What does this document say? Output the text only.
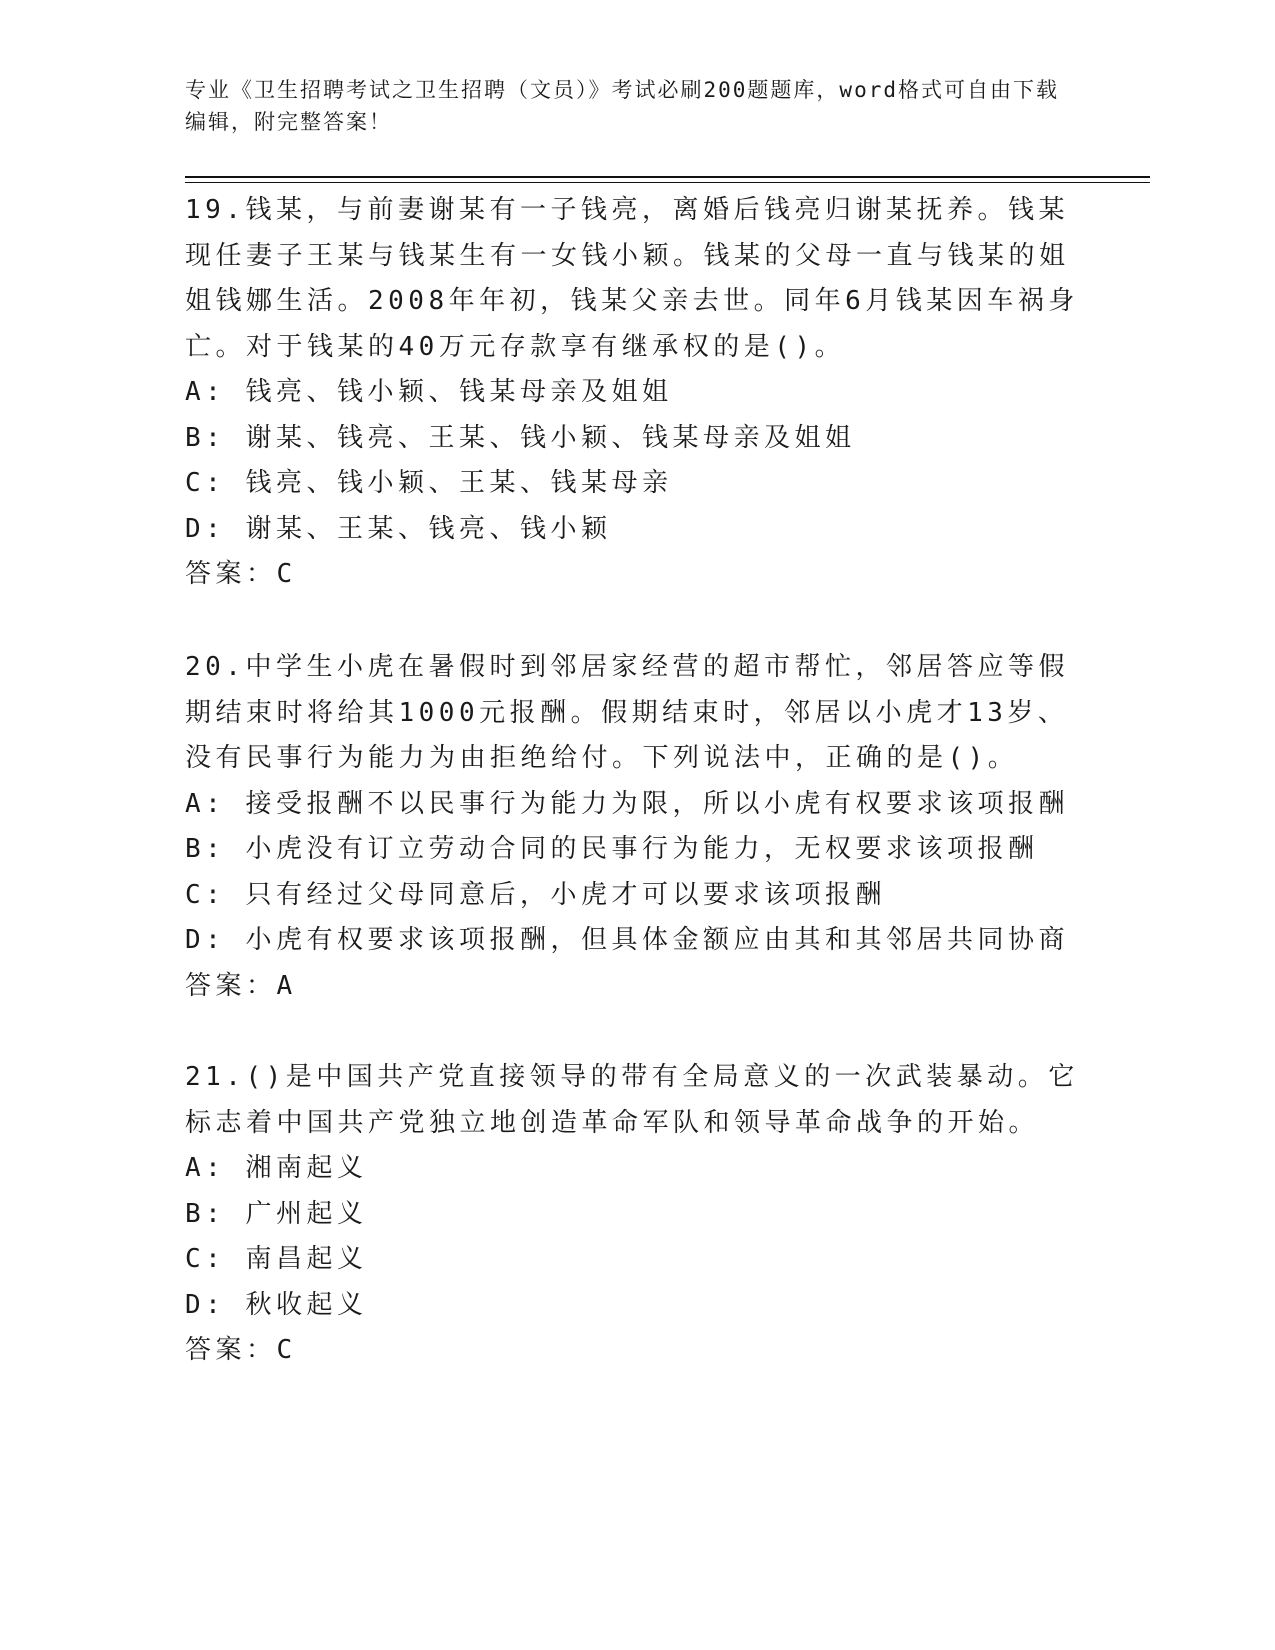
专业《卫生招聘考试之卫生招聘（文员）》考试必刷200题题库，word格式可自由下载编辑，附完整答案！
19.钱某，与前妻谢某有一子钱亮，离婚后钱亮归谢某抚养。钱某现任妻子王某与钱某生有一女钱小颖。钱某的父母一直与钱某的姐姐钱娜生活。2008年年初，钱某父亲去世。同年6月钱某因车祸身亡。对于钱某的40万元存款享有继承权的是()。
A: 钱亮、钱小颖、钱某母亲及姐姐
B: 谢某、钱亮、王某、钱小颖、钱某母亲及姐姐
C: 钱亮、钱小颖、王某、钱某母亲
D: 谢某、王某、钱亮、钱小颖
答案：C
20.中学生小虎在暑假时到邻居家经营的超市帮忙，邻居答应等假期结束时将给其1000元报酬。假期结束时，邻居以小虎才13岁、没有民事行为能力为由拒绝给付。下列说法中，正确的是()。
A: 接受报酬不以民事行为能力为限，所以小虎有权要求该项报酬
B: 小虎没有订立劳动合同的民事行为能力，无权要求该项报酬
C: 只有经过父母同意后，小虎才可以要求该项报酬
D: 小虎有权要求该项报酬，但具体金额应由其和其邻居共同协商
答案：A
21.()是中国共产党直接领导的带有全局意义的一次武装暴动。它标志着中国共产党独立地创造革命军队和领导革命战争的开始。
A: 湘南起义
B: 广州起义
C: 南昌起义
D: 秋收起义
答案：C
